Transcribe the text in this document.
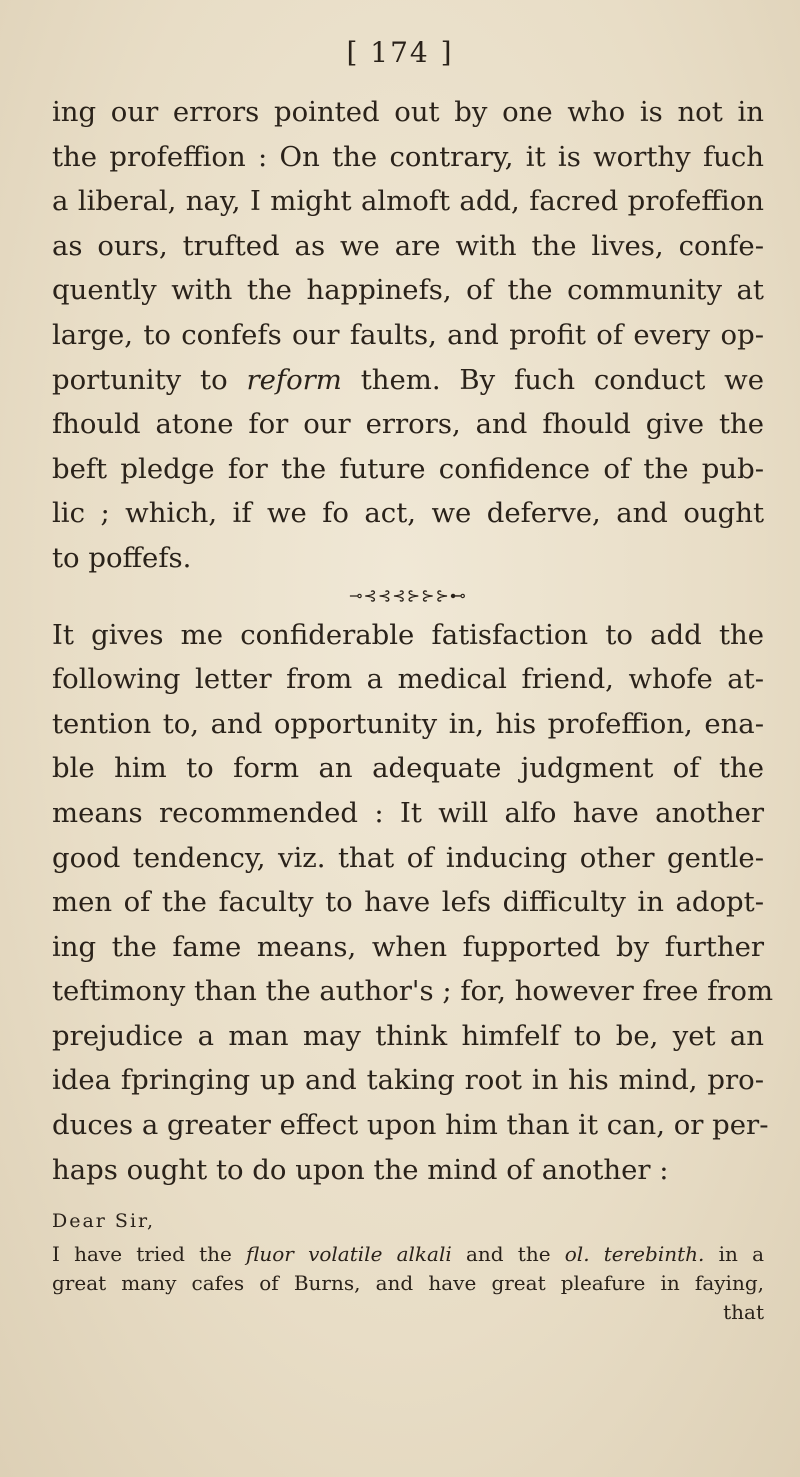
[ 174 ]
ing our errors pointed out by one who is not in
the profeffion : On the contrary, it is worthy fuch
a liberal, nay, I might almoft add, facred profeffion
as ours, trufted as we are with the lives, confe-
quently with the happinefs, of the community at
large, to confefs our faults, and profit of every op-
portunity to reform them. By fuch conduct we
fhould atone for our errors, and fhould give the
beft pledge for the future confidence of the pub-
lic ; which, if we fo act, we deferve, and ought
to poffefs.
⊸⊰⊰⊰⊱⊱⊱⊷
It gives me confiderable fatisfaction to add the
following letter from a medical friend, whofe at-
tention to, and opportunity in, his profeffion, ena-
ble him to form an adequate judgment of the
means recommended : It will alfo have another
good tendency, viz. that of inducing other gentle-
men of the faculty to have lefs difficulty in adopt-
ing the fame means, when fupported by further
teftimony than the author's ; for, however free from
prejudice a man may think himfelf to be, yet an
idea fpringing up and taking root in his mind, pro-
duces a greater effect upon him than it can, or per-
haps ought to do upon the mind of another :
Dear Sir,
I have tried the fluor volatile alkali and the ol. terebinth. in a
great many cafes of Burns, and have great pleafure in faying,
that
